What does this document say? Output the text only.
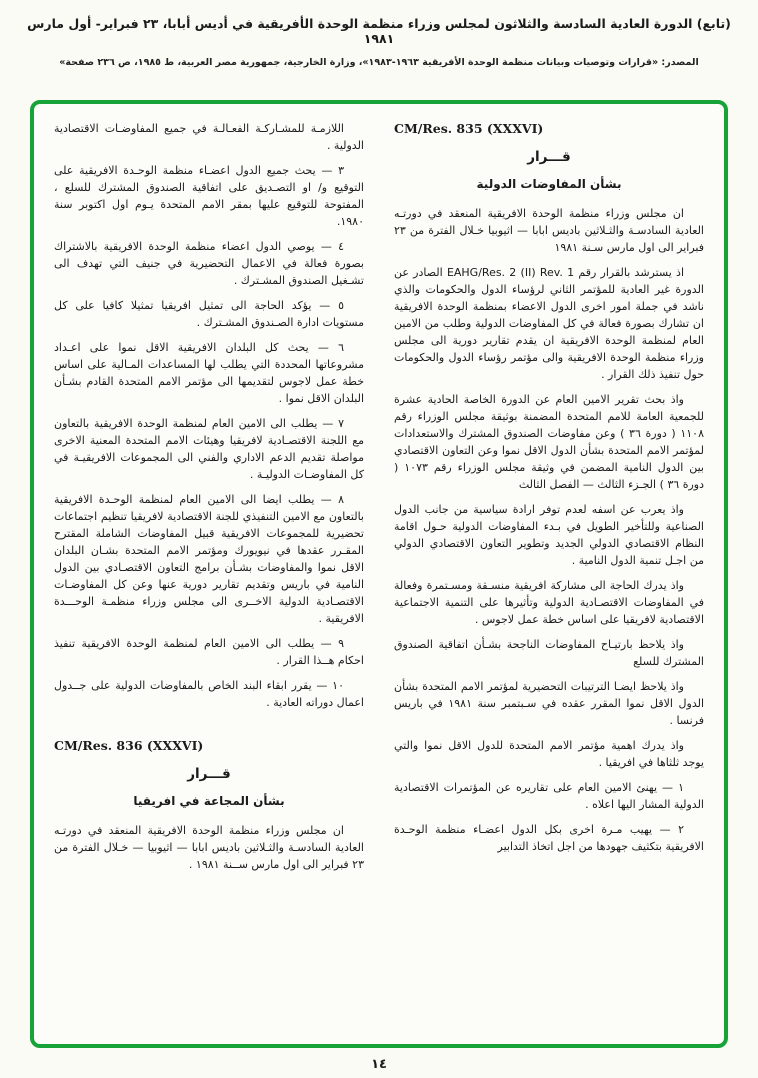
(تابع) الدورة العادية السادسة والثلاثون لمجلس وزراء منظمة الوحدة الأفريقية في أديس أبابا، ٢٣ فبراير- أول مارس ١٩٨١
المصدر: «قرارات وتوصيات وبيانات منظمة الوحدة الأفريقية ١٩٦٣-١٩٨٣»، وزارة الخارجية، جمهورية مصر العربية، ط ١٩٨٥، ص ٢٣٦ صفحة»
CM/Res. 835 (XXXVI)
قـــرار
بشأن المفاوضات الدولية

ان مجلس وزراء منظمة الوحدة الافريقية المنعقد في دورتـه العادية السادسـة والثـلاثين باديس ابابا — اثيوبيا خـلال الفترة من ٢٣ فبراير الى اول مارس سـنة ١٩٨١

اذ يسترشد بالقرار رقم EAHG/Res. 2 (II) Rev. 1 الصادر عن الدورة غير العادية للمؤتمر الثاني لرؤساء الدول والحكومات والذي ناشد في جملة امور اخرى الدول الاعضاء بمنظمة الوحدة الافريقية ان تشارك بصورة فعالة في كل المفاوضات الدولية وطلب من الامين العام لمنظمة الوحدة الافريقية ان يقدم تقارير دورية الى مجلس وزراء منظمة الوحدة الافريقية والى مؤتمر رؤساء الدول والحكومات حول تنفيذ ذلك القرار .

واذ بحث تقرير الامين العام عن الدورة الخاصة الحادية عشرة للجمعية العامة للامم المتحدة المضمنة بوثيقة مجلس الوزراء رقم ١١٠٨ ( دورة ٣٦ ) وعن مفاوضات الصندوق المشترك والاستعدادات لمؤتمر الامم المتحدة بشأن الدول الاقل نموا وعن التعاون الاقتصادي بين الدول النامية المضمن في وثيقة مجلس الوزراء رقم ١٠٧٣ ( دورة ٣٦ ) الجـزء الثالث — الفصل الثالث

واذ يعرب عن اسفه لعدم توفر ارادة سياسية من جانب الدول الصناعية وللتأخير الطويل في بـدء المفاوضات الدولية حـول اقامة النظام الاقتصادي الدولي الجديد وتطوير التعاون الاقتصادي الدولي من اجـل تنمية الدول النامية .

واذ يدرك الحاجة الى مشاركة افريقية منسـقة ومسـتمرة وفعالة في المفاوضات الاقتصـادية الدولية وتأثيرها على التنمية الاجتماعية الاقتصادية لافريقيا على اساس خطة عمل لاجوس .

واذ يلاحظ بارتيـاح المفاوضات الناجحة بشـأن اتفاقية الصندوق المشترك للسلع

واذ يلاحظ ايضـا الترتيبات التحضيرية لمؤتمر الامم المتحدة بشأن الدول الاقل نموا المقرر عقده في سـبتمبر سنة ١٩٨١ في باريس فرنسا .

واذ يدرك اهمية مؤتمر الامم المتحدة للدول الاقل نموا والتي يوجد ثلثاها في افريقيا .

١ — يهنئ الامين العام على تقاريره عن المؤتمرات الاقتصادية الدولية المشار اليها اعلاه .

٢ — يهيب مـرة اخرى بكل الدول اعضـاء منظمة الوحـدة الافريقية بتكثيف جهودها من اجل اتخاذ التدابير

اللازمـة للمشـاركـة الفعـالـة في جميع المفاوضـات الاقتصادية الدولية .

٣ — يحث جميع الدول اعضـاء منظمة الوحـدة الافريقية على التوقيع و/ او التصـديق على اتفاقية الصندوق المشترك للسلع ، المفتوحة للتوقيع عليها بمقر الامم المتحدة يـوم اول اكتوبر سنة ١٩٨٠.

٤ — يوصي الدول اعضاء منظمة الوحدة الافريقية بالاشتراك بصورة فعالة في الاعمال التحضيرية في جنيف التي تهدف الى تشـغيل الصندوق المشـترك .

٥ — يؤكد الحاجة الى تمثيل افريقيا تمثيلا كافيا على كل مستويات ادارة الصـندوق المشـترك .

٦ — يحث كل البلدان الافريقية الاقل نموا على اعـداد مشروعاتها المحددة التي يطلب لها المساعدات المـالية على اساس خطة عمل لاجوس لتقديمها الى مؤتمر الامم المتحدة القادم بشـأن البلدان الاقل نموا .

٧ — يطلب الى الامين العام لمنظمة الوحدة الافريقية بالتعاون مع اللجنة الاقتصـادية لافريقيا وهيئات الامم المتحدة المعنية الاخرى مواصلة تقديم الدعم الاداري والفني الى المجموعات الافريقيـة في كل المفاوضـات الدوليـة .

٨ — يطلب ايضا الى الامين العام لمنظمة الوحـدة الافريقية بالتعاون مع الامين التنفيذي للجنة الاقتصادية لافريقيا تنظيم اجتماعات تحضيرية للمجموعات الافريقية قبيل المفاوضات الشاملة المقترح المقـرر عقدها في نيويورك ومؤتمر الامم المتحدة بشـان البلدان الاقل نموا والمفاوضات بشـأن برامج التعاون الاقتصـادي بين الدول النامية في باريس وتقديم تقارير دورية عنها وعن كل المفاوضـات الاقتصـادية الدولية الاخــرى الى مجلس وزراء منظمـة الوحـــدة الافريقية .

٩ — يطلب الى الامين العام لمنظمة الوحدة الافريقية تنفيذ احكام هــذا القرار .

١٠ — يقرر ابقاء البند الخاص بالمفاوضات الدولية على جــدول اعمال دوراته العادية .

CM/Res. 836 (XXXVI)
قـــرار
بشأن المجاعة في افريقيا

ان مجلس وزراء منظمة الوحدة الافريقية المنعقد في دورتـه العادية السادسـة والثـلاثين باديس ابابا — اثيوبيا — خـلال الفترة من ٢٣ فبراير الى اول مارس ســنة ١٩٨١ .

١٤
